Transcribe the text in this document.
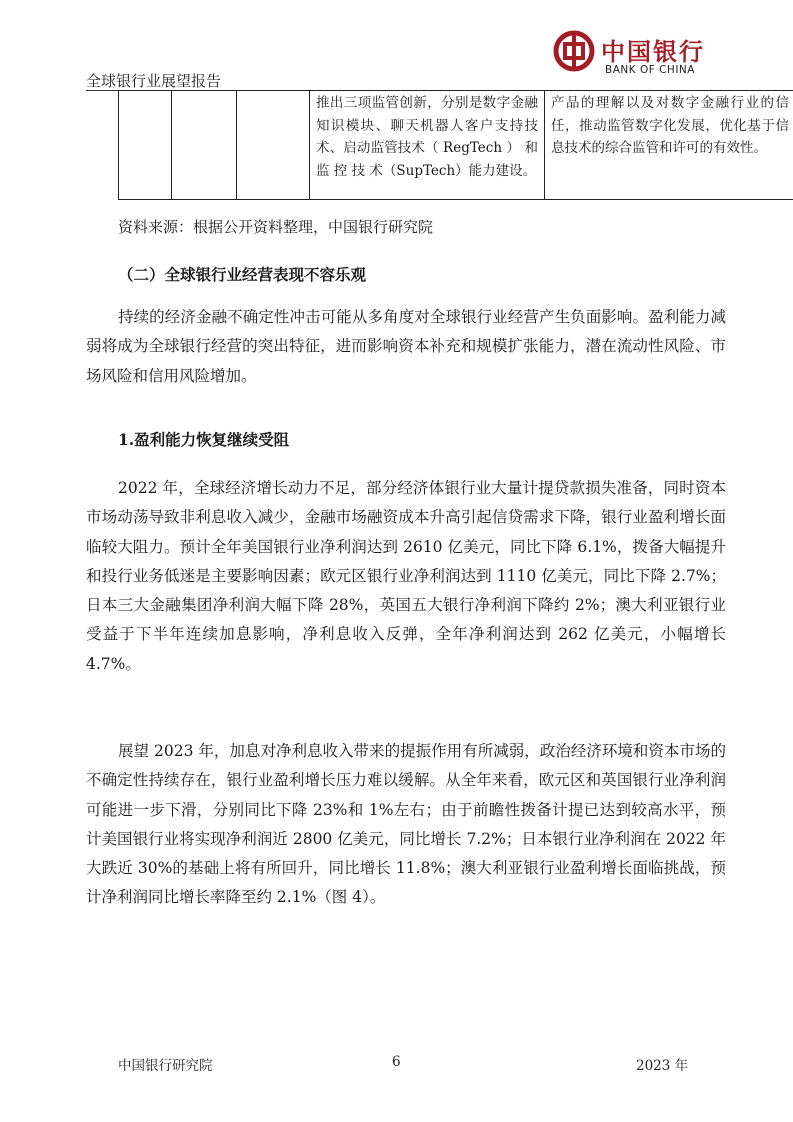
全球银行业展望报告
中国银行
BANK OF CHINA
			推出三项监管创新，分别是数字金融知识模块、聊天机器人客户支持技术、启动监管技术（ RegTech ） 和 监 控 技 术（SupTech）能力建设。	产品的理解以及对数字金融行业的信任，推动监管数字化发展，优化基于信息技术的综合监管和许可的有效性。
资料来源：根据公开资料整理，中国银行研究院
（二）全球银行业经营表现不容乐观

持续的经济金融不确定性冲击可能从多角度对全球银行业经营产生负面影响。盈利能力减弱将成为全球银行经营的突出特征，进而影响资本补充和规模扩张能力，潜在流动性风险、市场风险和信用风险增加。

1.盈利能力恢复继续受阻

2022 年，全球经济增长动力不足，部分经济体银行业大量计提贷款损失准备，同时资本市场动荡导致非利息收入减少，金融市场融资成本升高引起信贷需求下降，银行业盈利增长面临较大阻力。预计全年美国银行业净利润达到 2610 亿美元，同比下降 6.1%，拨备大幅提升和投行业务低迷是主要影响因素；欧元区银行业净利润达到 1110 亿美元，同比下降 2.7%；日本三大金融集团净利润大幅下降 28%，英国五大银行净利润下降约 2%；澳大利亚银行业受益于下半年连续加息影响，净利息收入反弹，全年净利润达到 262 亿美元，小幅增长 4.7%。

展望 2023 年，加息对净利息收入带来的提振作用有所减弱，政治经济环境和资本市场的不确定性持续存在，银行业盈利增长压力难以缓解。从全年来看，欧元区和英国银行业净利润可能进一步下滑，分别同比下降 23%和 1%左右；由于前瞻性拨备计提已达到较高水平，预计美国银行业将实现净利润近 2800 亿美元，同比增长 7.2%；日本银行业净利润在 2022 年大跌近 30%的基础上将有所回升，同比增长 11.8%；澳大利亚银行业盈利增长面临挑战，预计净利润同比增长率降至约 2.1%（图 4）。

中国银行研究院	6	2023 年
